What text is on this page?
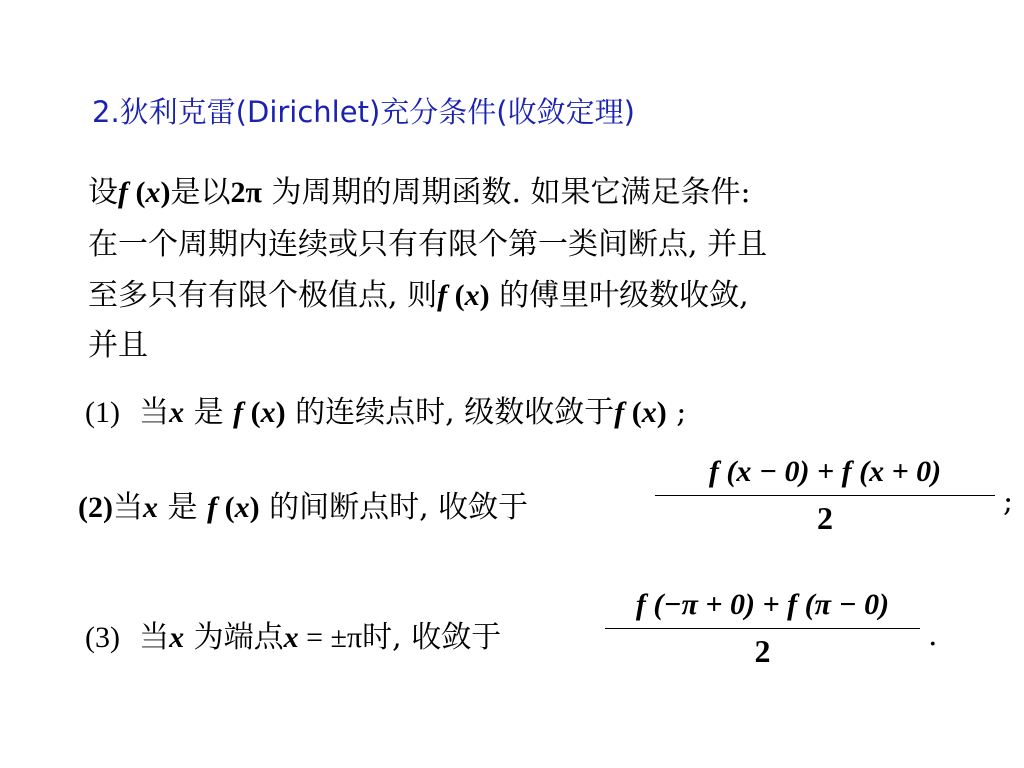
2.狄利克雷(Dirichlet)充分条件(收敛定理)
设f (x)是以2π 为周期的周期函数. 如果它满足条件:
在一个周期内连续或只有有限个第一类间断点, 并且
至多只有有限个极值点, 则f (x) 的傅里叶级数收敛,
并且
(1) 当x 是 f (x) 的连续点时, 级数收敛于f (x) ;
(2)当x 是 f (x) 的间断点时, 收敛于
f (x − 0) + f (x + 0)
2	;
(3) 当x 为端点x = ±π时, 收敛于
f (−π + 0) + f (π − 0)
2	.
